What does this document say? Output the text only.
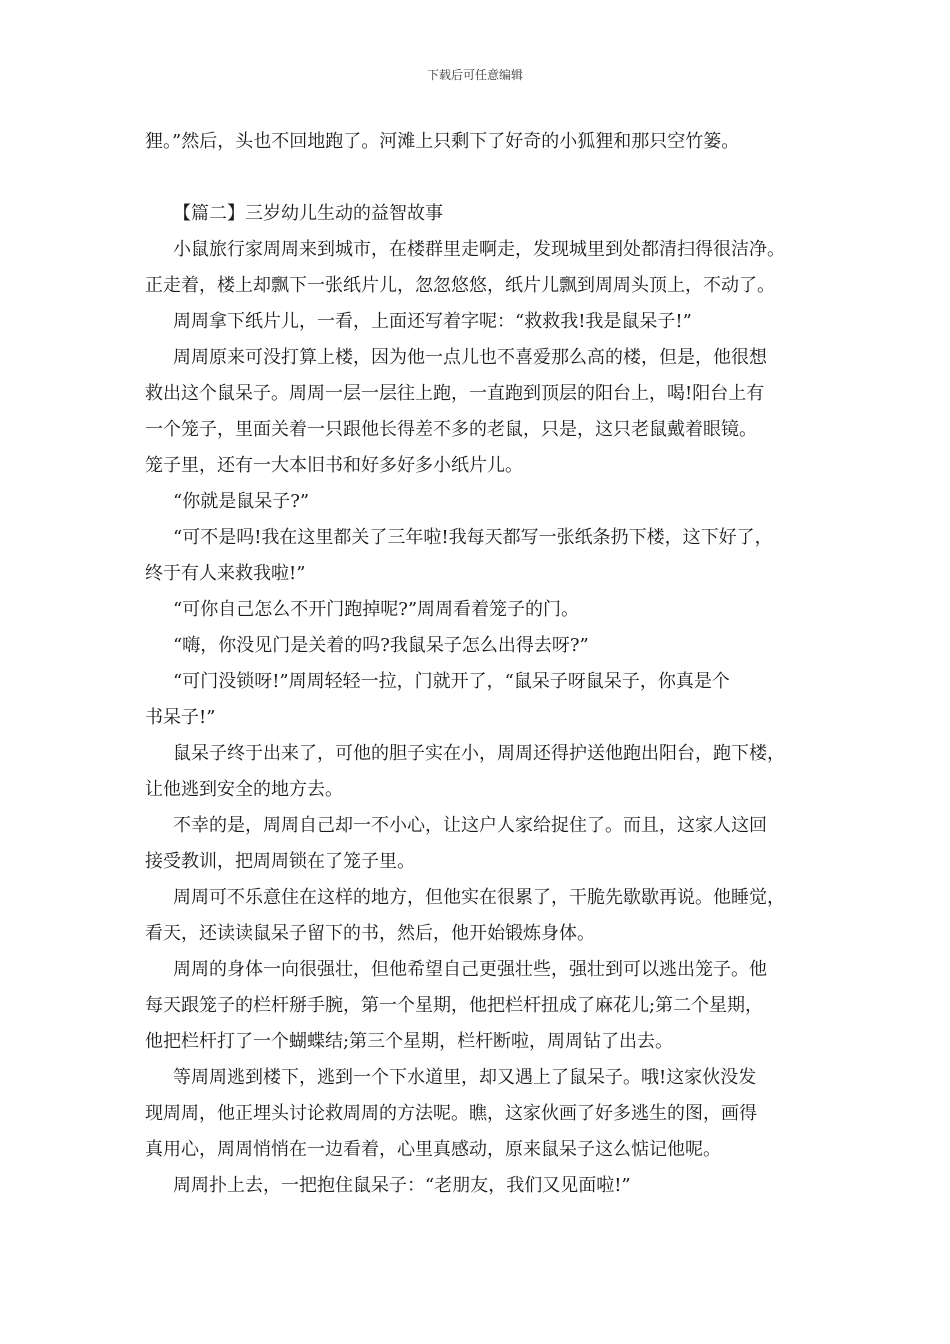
下载后可任意编辑
狸。”然后，头也不回地跑了。河滩上只剩下了好奇的小狐狸和那只空竹篓。
【篇二】三岁幼儿生动的益智故事
小鼠旅行家周周来到城市，在楼群里走啊走，发现城里到处都清扫得很洁净。
正走着，楼上却飘下一张纸片儿，忽忽悠悠，纸片儿飘到周周头顶上，不动了。
周周拿下纸片儿，一看，上面还写着字呢：“救救我!我是鼠呆子!”
周周原来可没打算上楼，因为他一点儿也不喜爱那么高的楼，但是，他很想
救出这个鼠呆子。周周一层一层往上跑，一直跑到顶层的阳台上，喝!阳台上有
一个笼子，里面关着一只跟他长得差不多的老鼠，只是，这只老鼠戴着眼镜。
笼子里，还有一大本旧书和好多好多小纸片儿。
“你就是鼠呆子?”
“可不是吗!我在这里都关了三年啦!我每天都写一张纸条扔下楼，这下好了，
终于有人来救我啦!”
“可你自己怎么不开门跑掉呢?”周周看着笼子的门。
“嗨，你没见门是关着的吗?我鼠呆子怎么出得去呀?”
“可门没锁呀!”周周轻轻一拉，门就开了，“鼠呆子呀鼠呆子，你真是个
书呆子!”
鼠呆子终于出来了，可他的胆子实在小，周周还得护送他跑出阳台，跑下楼，
让他逃到安全的地方去。
不幸的是，周周自己却一不小心，让这户人家给捉住了。而且，这家人这回
接受教训，把周周锁在了笼子里。
周周可不乐意住在这样的地方，但他实在很累了，干脆先歇歇再说。他睡觉，
看天，还读读鼠呆子留下的书，然后，他开始锻炼身体。
周周的身体一向很强壮，但他希望自己更强壮些，强壮到可以逃出笼子。他
每天跟笼子的栏杆掰手腕，第一个星期，他把栏杆扭成了麻花儿;第二个星期，
他把栏杆打了一个蝴蝶结;第三个星期，栏杆断啦，周周钻了出去。
等周周逃到楼下，逃到一个下水道里，却又遇上了鼠呆子。哦!这家伙没发
现周周，他正埋头讨论救周周的方法呢。瞧，这家伙画了好多逃生的图，画得
真用心，周周悄悄在一边看着，心里真感动，原来鼠呆子这么惦记他呢。
周周扑上去，一把抱住鼠呆子：“老朋友，我们又见面啦!”
